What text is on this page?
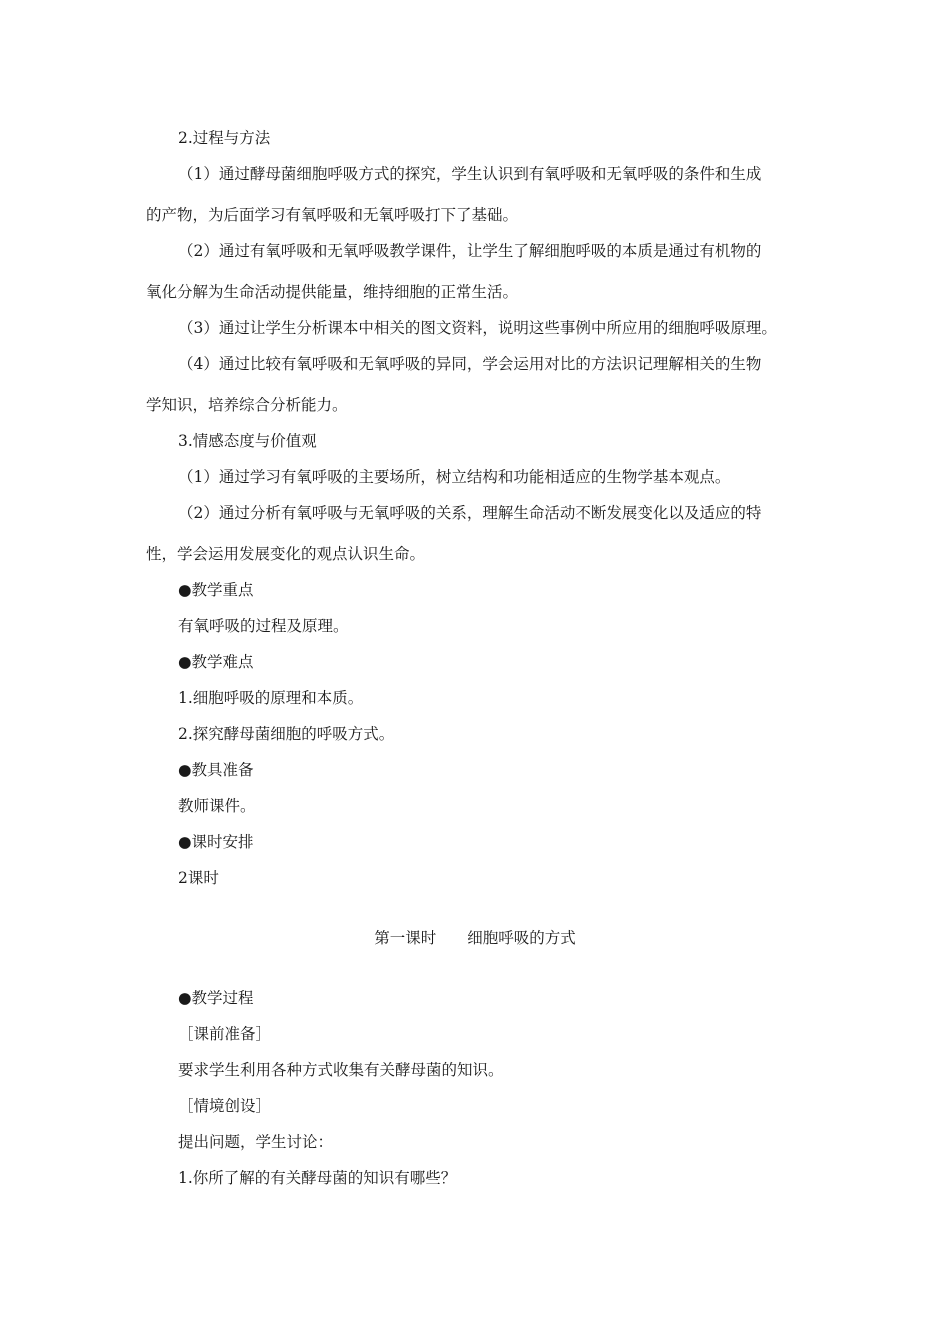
2.过程与方法
（1）通过酵母菌细胞呼吸方式的探究，学生认识到有氧呼吸和无氧呼吸的条件和生成
的产物，为后面学习有氧呼吸和无氧呼吸打下了基础。
（2）通过有氧呼吸和无氧呼吸教学课件，让学生了解细胞呼吸的本质是通过有机物的
氧化分解为生命活动提供能量，维持细胞的正常生活。
（3）通过让学生分析课本中相关的图文资料，说明这些事例中所应用的细胞呼吸原理。
（4）通过比较有氧呼吸和无氧呼吸的异同，学会运用对比的方法识记理解相关的生物
学知识，培养综合分析能力。
3.情感态度与价值观
（1）通过学习有氧呼吸的主要场所，树立结构和功能相适应的生物学基本观点。
（2）通过分析有氧呼吸与无氧呼吸的关系，理解生命活动不断发展变化以及适应的特
性，学会运用发展变化的观点认识生命。
●教学重点
有氧呼吸的过程及原理。
●教学难点
1.细胞呼吸的原理和本质。
2.探究酵母菌细胞的呼吸方式。
●教具准备
教师课件。
●课时安排
2课时
第一课时　　细胞呼吸的方式
●教学过程
［课前准备］
要求学生利用各种方式收集有关酵母菌的知识。
［情境创设］
提出问题，学生讨论：
1.你所了解的有关酵母菌的知识有哪些？
